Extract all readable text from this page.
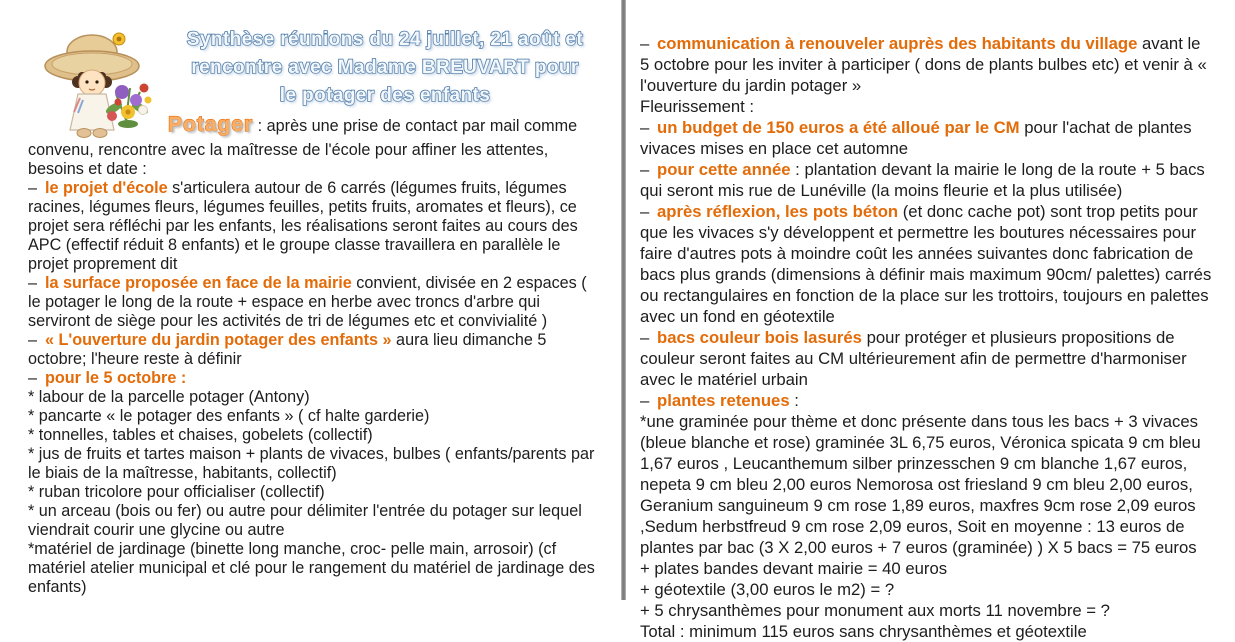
Synthèse réunions du 24 juillet, 21 août et
rencontre avec Madame BREUVART pour
le potager des enfants

Potager : après une prise de contact par mail comme convenu, rencontre avec la maîtresse de l'école pour affiner les attentes, besoins et date :

– le projet d'école s'articulera autour de 6 carrés (légumes fruits, légumes racines, légumes fleurs, légumes feuilles, petits fruits, aromates et fleurs), ce projet sera réfléchi par les enfants, les réalisations seront faites au cours des APC (effectif réduit 8 enfants) et le groupe classe travaillera en parallèle le projet proprement dit

– la surface proposée en face de la mairie convient, divisée en 2 espaces ( le potager le long de la route + espace en herbe avec troncs d'arbre qui serviront de siège pour les activités de tri de légumes etc et convivialité )

– « L'ouverture du jardin potager des enfants » aura lieu dimanche 5 octobre; l'heure reste à définir

– pour le 5 octobre :

* labour de la parcelle potager (Antony)
* pancarte « le potager des enfants » ( cf halte garderie)
* tonnelles, tables et chaises, gobelets (collectif)
* jus de fruits et tartes maison + plants de vivaces, bulbes ( enfants/parents par le biais de la maîtresse, habitants, collectif)
* ruban tricolore pour officialiser (collectif)
* un arceau (bois ou fer) ou autre pour délimiter l'entrée du potager sur lequel viendrait courir une glycine ou autre
*matériel de jardinage (binette long manche, croc- pelle main, arrosoir) (cf matériel atelier municipal et clé pour le rangement du matériel de jardinage des enfants)

– communication à renouveler auprès des habitants du village avant le 5 octobre pour les inviter à participer ( dons de plants bulbes etc) et venir à « l'ouverture du jardin potager »

Fleurissement :

– un budget de 150 euros a été alloué par le CM pour l'achat de plantes vivaces mises en place cet automne

– pour cette année : plantation devant la mairie le long de la route + 5 bacs qui seront mis rue de Lunéville (la moins fleurie et la plus utilisée)

– après réflexion, les pots béton (et donc cache pot) sont trop petits pour que les vivaces s'y développent et permettre les boutures nécessaires pour faire d'autres pots à moindre coût les années suivantes donc fabrication de bacs plus grands (dimensions à définir mais maximum 90cm/ palettes) carrés ou rectangulaires en fonction de la place sur les trottoirs, toujours en palettes avec un fond en géotextile

– bacs couleur bois lasurés pour protéger et plusieurs propositions de couleur seront faites au CM ultérieurement afin de permettre d'harmoniser avec le matériel urbain

– plantes retenues :

*une graminée pour thème et donc présente dans tous les bacs + 3 vivaces (bleue blanche et rose) graminée 3L 6,75 euros, Véronica spicata 9 cm bleu 1,67 euros , Leucanthemum silber prinzesschen 9 cm blanche 1,67 euros, nepeta 9 cm bleu 2,00 euros Nemorosa ost friesland 9 cm bleu 2,00 euros, Geranium sanguineum 9 cm rose 1,89 euros, maxfres 9cm rose 2,09 euros ,Sedum herbstfreud 9 cm rose 2,09 euros, Soit en moyenne : 13 euros de plantes par bac (3 X 2,00 euros + 7 euros (graminée) ) X 5 bacs = 75 euros

+ plates bandes devant mairie = 40 euros
+ géotextile (3,00 euros le m2) = ?
+ 5 chrysanthèmes pour monument aux morts 11 novembre = ?
Total : minimum 115 euros sans chrysanthèmes et géotextile
